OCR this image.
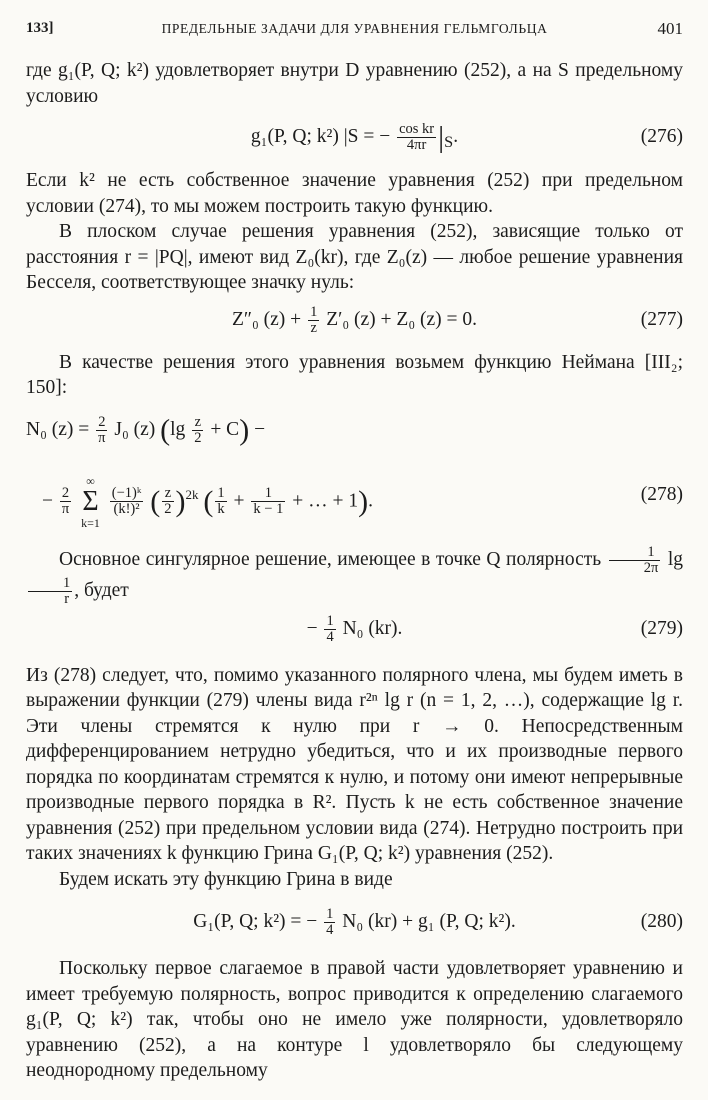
133]	ПРЕДЕЛЬНЫЕ ЗАДАЧИ ДЛЯ УРАВНЕНИЯ ГЕЛЬМГОЛЬЦА	401

где g₁(P, Q; k²) удовлетворяет внутри D уравнению (252), а на S предельному условию

g₁(P, Q; k²) |S = − $\frac{\text{cos kr}}{4\pi r} |_S$.	(276)

Если k² не есть собственное значение уравнения (252) при предельном условии (274), то мы можем построить такую функцию.

В плоском случае решения уравнения (252), зависящие только от расстояния r = |PQ|, имеют вид Z₀(kr), где Z₀(z) — любое решение уравнения Бесселя, соответствующее значку нуль:

Z″₀ $(z) + \frac{1}{z} Z'_0$ (z) + Z₀ (z) = 0.	(277)

В качестве решения этого уравнения возьмем функцию Неймана [III₂; 150]:

N₀ $(z) = \frac{2}{\pi} J_0$ (z) $(\lg \frac{z}{2} + C)$ −
− $\frac{2}{\pi}$
∞
Σ
k=1
$\frac{\text{(−1)ᵏ}}{\text{(k!)²}}$ ( $\frac{z}{2} )^{2k}$ ( $\frac{1}{k} + \frac{1}{k - 1}$ + … + 1).	(278)

Основное сингулярное решение, имеющее в точке Q полярность $\frac{1}{2\pi}$ lg
$\frac{1}{r}$ , будет

− $\frac{1}{4} N_0$ (kr).	(279)

Из (278) следует, что, помимо указанного полярного члена, мы будем иметь в выражении функции (279) члены вида r²ⁿ lg r (n = 1, 2, …), содержащие lg r. Эти члены стремятся к нулю при r → 0. Непосредственным дифференцированием нетрудно убедиться, что и их производные первого порядка по координатам стремятся к нулю, и потому они имеют непрерывные производные первого порядка в R². Пусть k не есть собственное значение уравнения (252) при предельном условии вида (274). Нетрудно построить при таких значениях k функцию Грина G₁(P, Q; k²) уравнения (252).

Будем искать эту функцию Грина в виде

G₁(P, Q; k²) = − $\frac{1}{4} N_0$ (kr) + g₁ (P, Q; k²).	(280)

Поскольку первое слагаемое в правой части удовлетворяет уравнению и имеет требуемую полярность, вопрос приводится к определению слагаемого g₁(P, Q; k²) так, чтобы оно не имело уже полярности, удовлетворяло уравнению (252), а на контуре l удовлетворяло бы следующему неоднородному предельному
